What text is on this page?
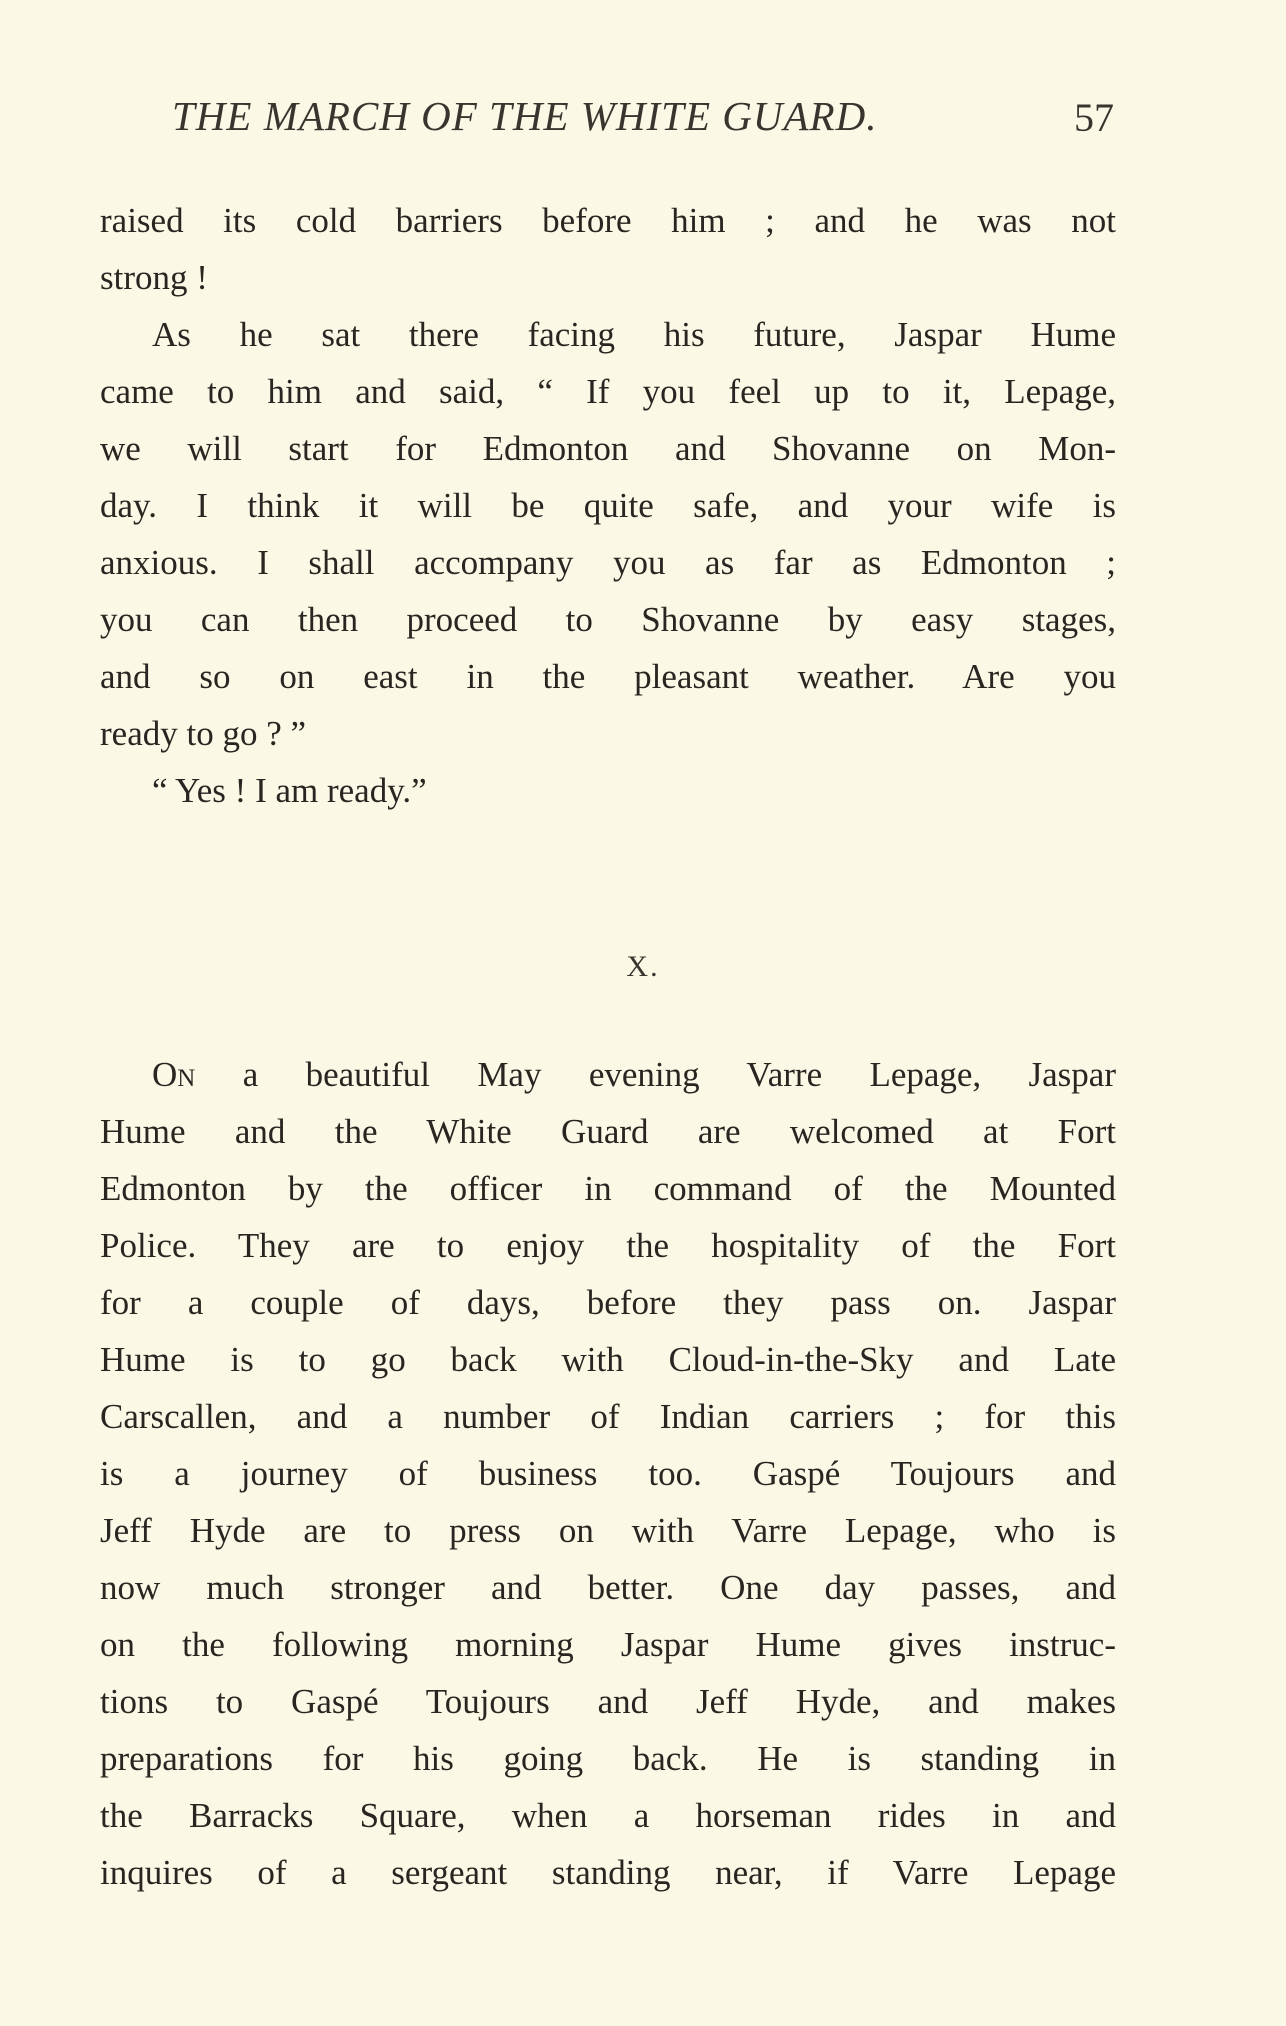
THE MARCH OF THE WHITE GUARD.	57
raised its cold barriers before him ; and he was not
strong !
As he sat there facing his future, Jaspar Hume
came to him and said, “ If you feel up to it, Lepage,
we will start for Edmonton and Shovanne on Mon-
day. I think it will be quite safe, and your wife is
anxious. I shall accompany you as far as Edmonton ;
you can then proceed to Shovanne by easy stages,
and so on east in the pleasant weather. Are you
ready to go ? ”
“ Yes ! I am ready.”
X.
On a beautiful May evening Varre Lepage, Jaspar
Hume and the White Guard are welcomed at Fort
Edmonton by the officer in command of the Mounted
Police. They are to enjoy the hospitality of the Fort
for a couple of days, before they pass on. Jaspar
Hume is to go back with Cloud-in-the-Sky and Late
Carscallen, and a number of Indian carriers ; for this
is a journey of business too. Gaspé Toujours and
Jeff Hyde are to press on with Varre Lepage, who is
now much stronger and better. One day passes, and
on the following morning Jaspar Hume gives instruc-
tions to Gaspé Toujours and Jeff Hyde, and makes
preparations for his going back. He is standing in
the Barracks Square, when a horseman rides in and
inquires of a sergeant standing near, if Varre Lepage
